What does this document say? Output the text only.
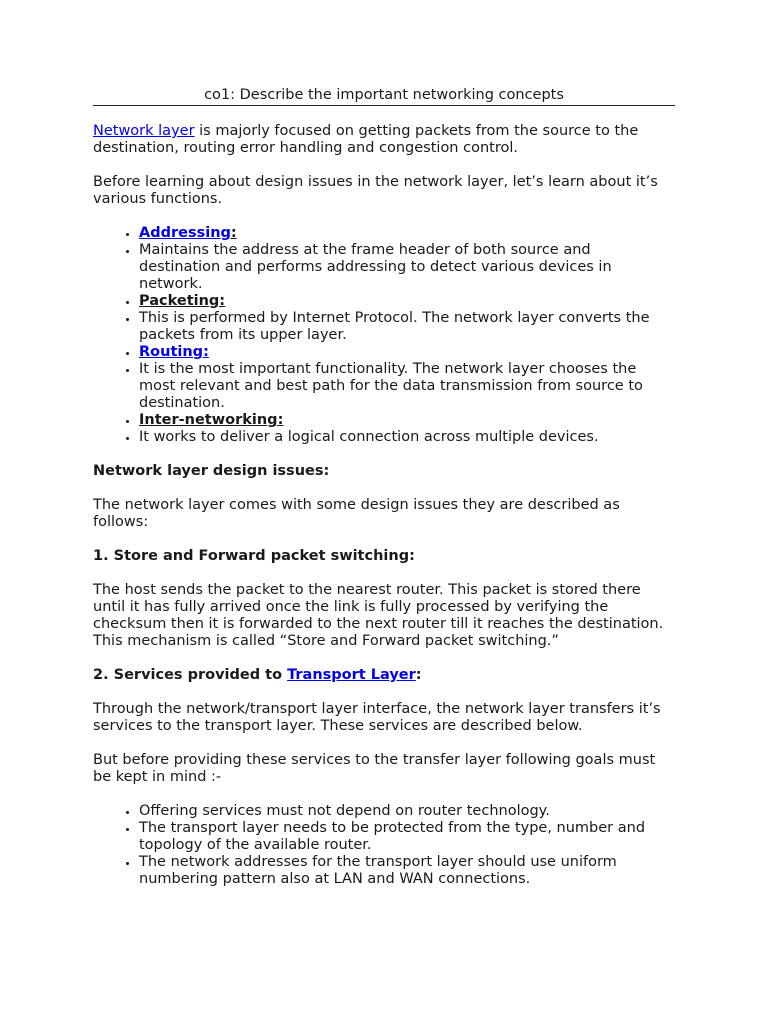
co1: Describe the important networking concepts

Network layer is majorly focused on getting packets from the source to the destination, routing error handling and congestion control.

Before learning about design issues in the network layer, let’s learn about it’s various functions.

• Addressing:
• Maintains the address at the frame header of both source and destination and performs addressing to detect various devices in network.
• Packeting:
• This is performed by Internet Protocol. The network layer converts the packets from its upper layer.
• Routing:
• It is the most important functionality. The network layer chooses the most relevant and best path for the data transmission from source to destination.
• Inter-networking:
• It works to deliver a logical connection across multiple devices.

Network layer design issues:

The network layer comes with some design issues they are described as follows:

1. Store and Forward packet switching:

The host sends the packet to the nearest router. This packet is stored there until it has fully arrived once the link is fully processed by verifying the checksum then it is forwarded to the next router till it reaches the destination. This mechanism is called “Store and Forward packet switching.”

2. Services provided to Transport Layer:

Through the network/transport layer interface, the network layer transfers it’s services to the transport layer. These services are described below.

But before providing these services to the transfer layer following goals must be kept in mind :-

• Offering services must not depend on router technology.
• The transport layer needs to be protected from the type, number and topology of the available router.
• The network addresses for the transport layer should use uniform numbering pattern also at LAN and WAN connections.
